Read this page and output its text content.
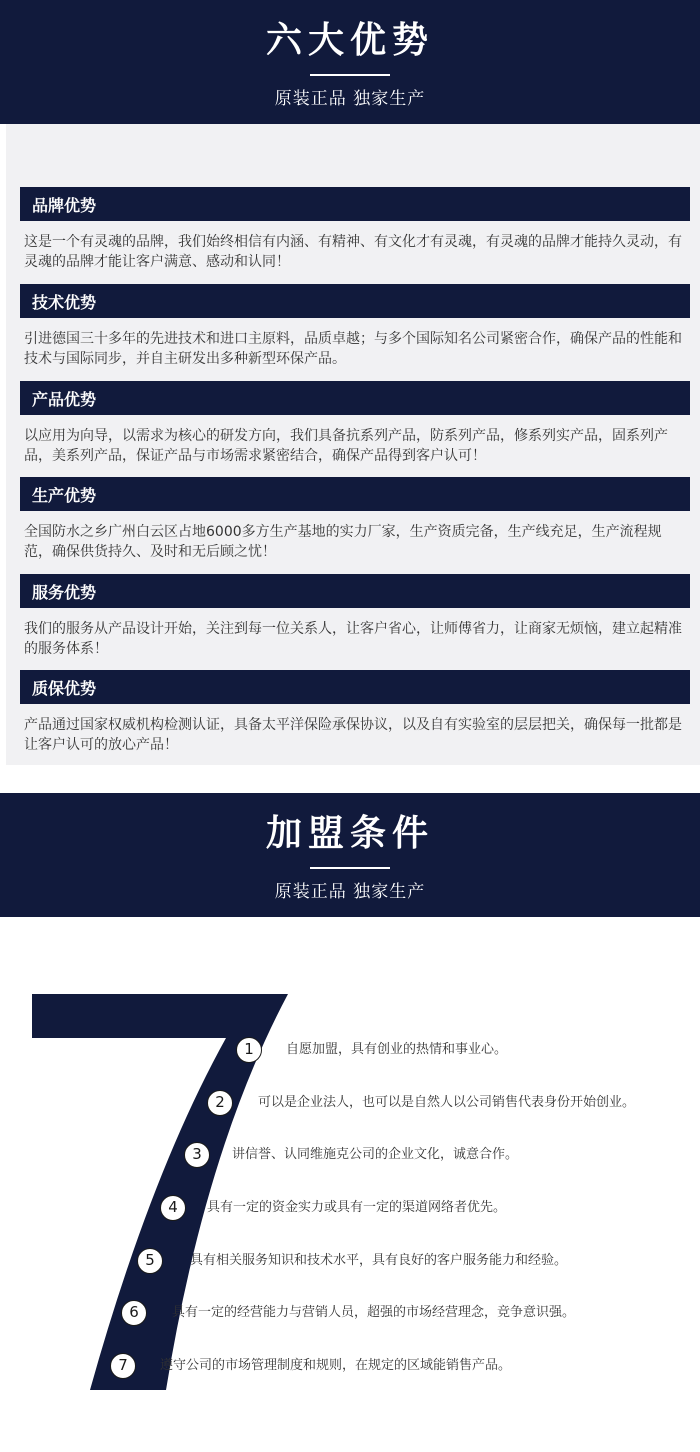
六大优势
原装正品 独家生产
品牌优势
这是一个有灵魂的品牌，我们始终相信有内涵、有精神、有文化才有灵魂，有灵魂的品牌才能持久灵动，有灵魂的品牌才能让客户满意、感动和认同！
技术优势
引进德国三十多年的先进技术和进口主原料，品质卓越；与多个国际知名公司紧密合作，确保产品的性能和技术与国际同步，并自主研发出多种新型环保产品。
产品优势
以应用为向导，以需求为核心的研发方向，我们具备抗系列产品，防系列产品，修系列实产品，固系列产品，美系列产品，保证产品与市场需求紧密结合，确保产品得到客户认可！
生产优势
全国防水之乡广州白云区占地6000多方生产基地的实力厂家，生产资质完备，生产线充足，生产流程规范，确保供货持久、及时和无后顾之忧！
服务优势
我们的服务从产品设计开始，关注到每一位关系人，让客户省心，让师傅省力，让商家无烦恼，建立起精准的服务体系！
质保优势
产品通过国家权威机构检测认证，具备太平洋保险承保协议，以及自有实验室的层层把关，确保每一批都是让客户认可的放心产品！
加盟条件
原装正品 独家生产
1	自愿加盟，具有创业的热情和事业心。
2	可以是企业法人，也可以是自然人以公司销售代表身份开始创业。
3	讲信誉、认同维施克公司的企业文化，诚意合作。
4	具有一定的资金实力或具有一定的渠道网络者优先。
5	具有相关服务知识和技术水平，具有良好的客户服务能力和经验。
6	具有一定的经营能力与营销人员，超强的市场经营理念，竞争意识强。
7	遵守公司的市场管理制度和规则，在规定的区域能销售产品。
